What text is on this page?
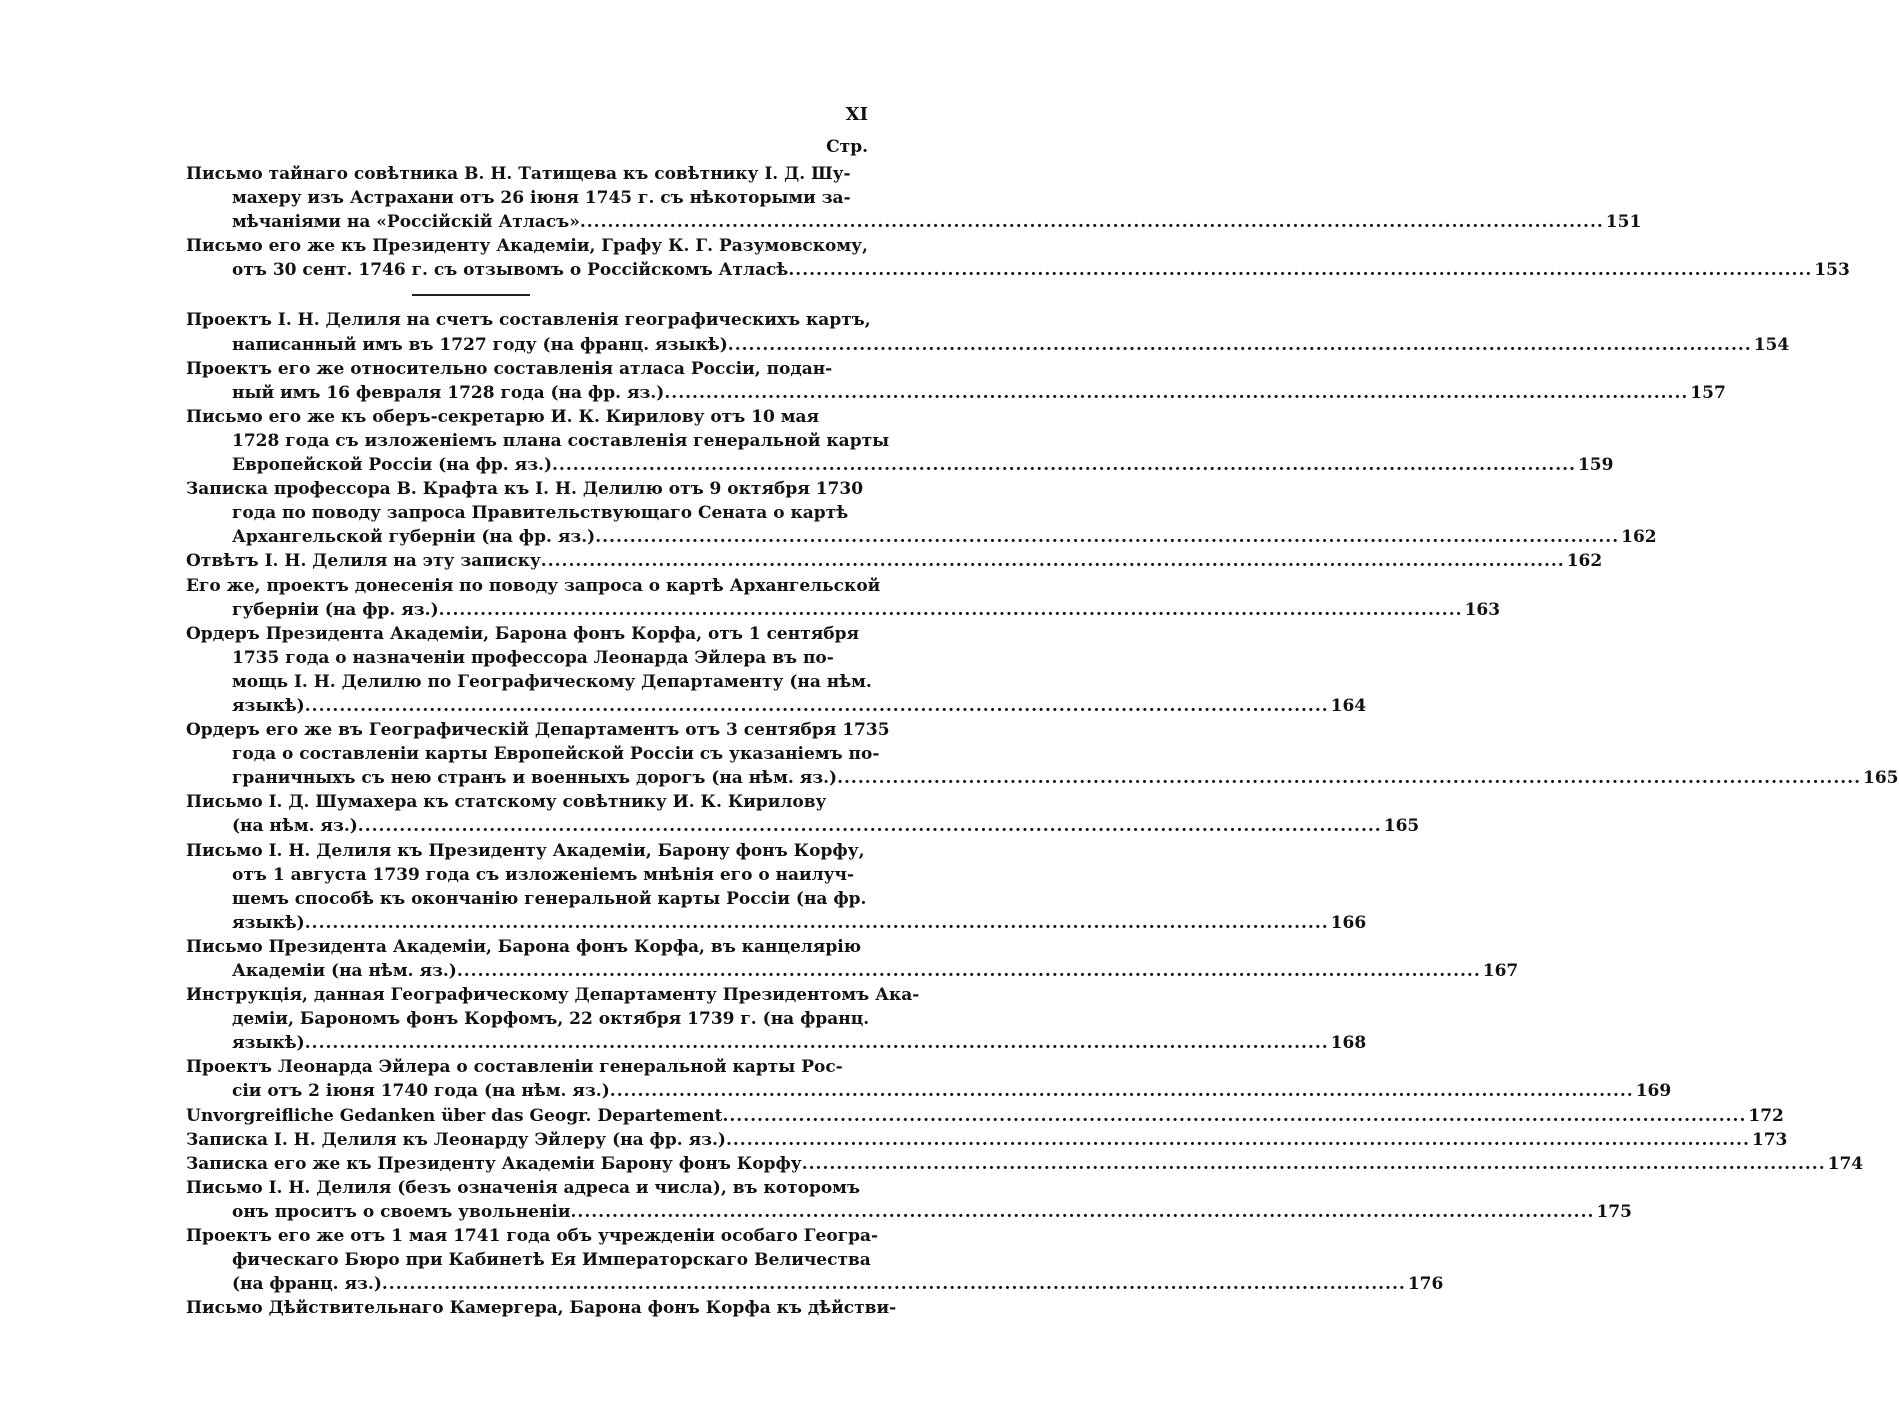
XI
Стр.
Письмо тайнаго совѣтника В. Н. Татищева къ совѣтнику І. Д. Шу-
махеру изъ Астрахани отъ 26 іюня 1745 г. съ нѣкоторыми за-
мѣчаніями на «Россійскій Атласъ» .....	151
Письмо его же къ Президенту Академіи, Графу К. Г. Разумовскому,
отъ 30 сент. 1746 г. съ отзывомъ о Россійскомъ Атласѣ .....	153
Проектъ І. Н. Делиля на счетъ составленія географическихъ картъ,
написанный имъ въ 1727 году (на франц. языкѣ) .....	154
Проектъ его же относительно составленія атласа Россіи, подан-
ный имъ 16 февраля 1728 года (на фр. яз.) .....	157
Письмо его же къ оберъ-секретарю И. К. Кирилову отъ 10 мая
1728 года съ изложеніемъ плана составленія генеральной карты
Европейской Россіи (на фр. яз.) .....	159
Записка профессора В. Крафта къ І. Н. Делилю отъ 9 октября 1730
года по поводу запроса Правительствующаго Сената о картѣ
Архангельской губерніи (на фр. яз.) .....	162
Отвѣтъ І. Н. Делиля на эту записку .....	162
Его же, проектъ донесенія по поводу запроса о картѣ Архангельской
губерніи (на фр. яз.) .....	163
Ордеръ Президента Академіи, Барона фонъ Корфа, отъ 1 сентября
1735 года о назначеніи профессора Леонарда Эйлера въ по-
мощь І. Н. Делилю по Географическому Департаменту (на нѣм.
языкѣ) .....	164
Ордеръ его же въ Географическій Департаментъ отъ 3 сентября 1735
года о составленіи карты Европейской Россіи съ указаніемъ по-
граничныхъ съ нею странъ и военныхъ дорогъ (на нѣм. яз.) .....	165
Письмо І. Д. Шумахера къ статскому совѣтнику И. К. Кирилову
(на нѣм. яз.) .....	165
Письмо І. Н. Делиля къ Президенту Академіи, Барону фонъ Корфу,
отъ 1 августа 1739 года съ изложеніемъ мнѣнія его о наилуч-
шемъ способѣ къ окончанію генеральной карты Россіи (на фр.
языкѣ) .....	166
Письмо Президента Академіи, Барона фонъ Корфа, въ канцелярію
Академіи (на нѣм. яз.) .....	167
Инструкція, данная Географическому Департаменту Президентомъ Ака-
деміи, Барономъ фонъ Корфомъ, 22 октября 1739 г. (на франц.
языкѣ) .....	168
Проектъ Леонарда Эйлера о составленіи генеральной карты Рос-
сіи отъ 2 іюня 1740 года (на нѣм. яз.) .....	169
Unvorgreifliche Gedanken über das Geogr. Departement .....	172
Записка І. Н. Делиля къ Леонарду Эйлеру (на фр. яз.) .....	173
Записка его же къ Президенту Академіи Барону фонъ Корфу .....	174
Письмо І. Н. Делиля (безъ означенія адреса и числа), въ которомъ
онъ проситъ о своемъ увольненіи .....	175
Проектъ его же отъ 1 мая 1741 года объ учрежденіи особаго Геогра-
фическаго Бюро при Кабинетѣ Ея Императорскаго Величества
(на франц. яз.) .....	176
Письмо Дѣйствительнаго Камергера, Барона фонъ Корфа къ дѣйстви-
